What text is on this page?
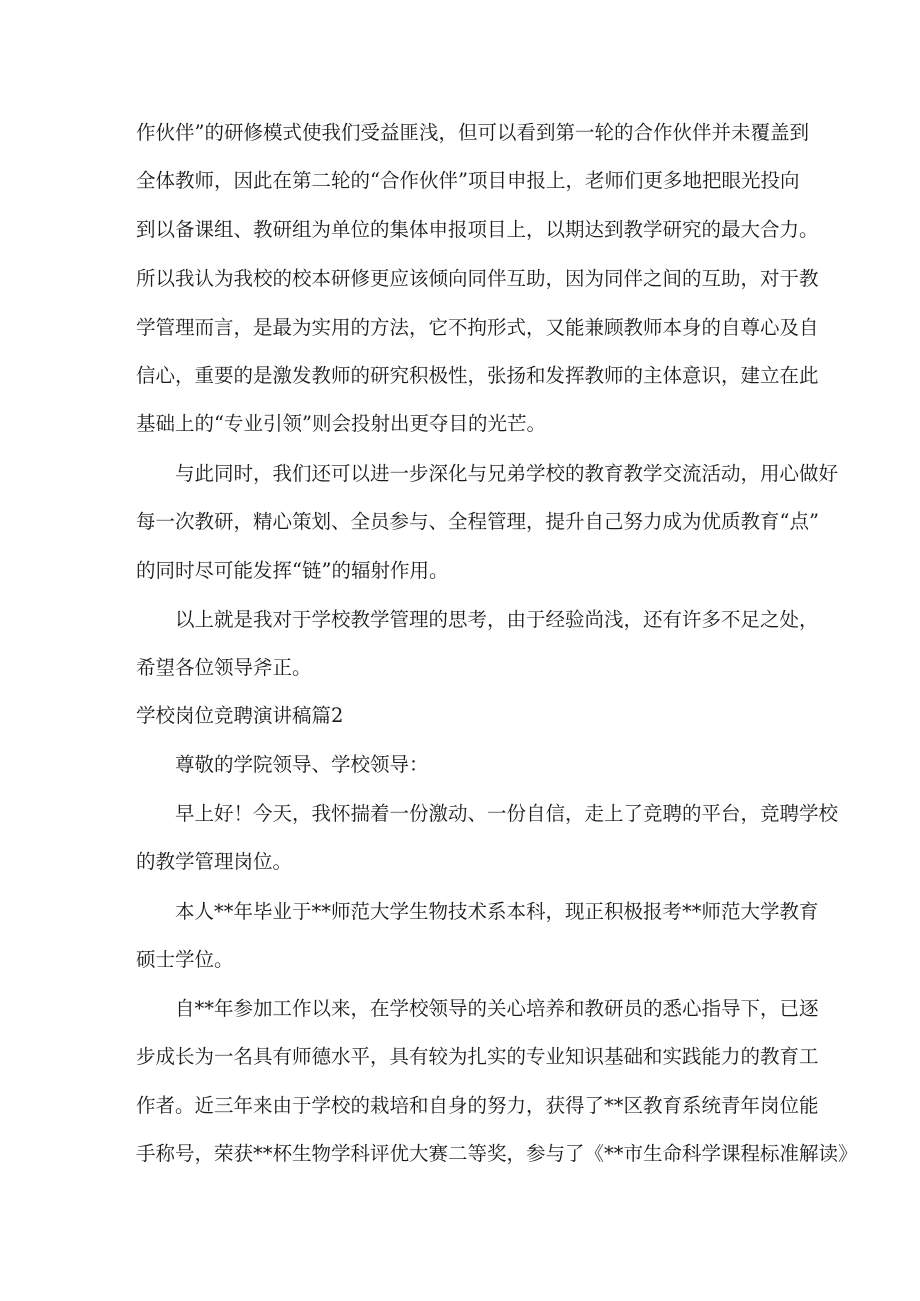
作伙伴”的研修模式使我们受益匪浅，但可以看到第一轮的合作伙伴并未覆盖到
全体教师，因此在第二轮的“合作伙伴”项目申报上，老师们更多地把眼光投向
到以备课组、教研组为单位的集体申报项目上，以期达到教学研究的最大合力。
所以我认为我校的校本研修更应该倾向同伴互助，因为同伴之间的互助，对于教
学管理而言，是最为实用的方法，它不拘形式，又能兼顾教师本身的自尊心及自
信心，重要的是激发教师的研究积极性，张扬和发挥教师的主体意识，建立在此
基础上的“专业引领”则会投射出更夺目的光芒。
与此同时，我们还可以进一步深化与兄弟学校的教育教学交流活动，用心做好
每一次教研，精心策划、全员参与、全程管理，提升自己努力成为优质教育“点”
的同时尽可能发挥“链”的辐射作用。
以上就是我对于学校教学管理的思考，由于经验尚浅，还有许多不足之处，
希望各位领导斧正。
学校岗位竞聘演讲稿篇2
尊敬的学院领导、学校领导：
早上好！今天，我怀揣着一份激动、一份自信，走上了竞聘的平台，竞聘学校
的教学管理岗位。
本人**年毕业于**师范大学生物技术系本科，现正积极报考**师范大学教育
硕士学位。
自**年参加工作以来，在学校领导的关心培养和教研员的悉心指导下，已逐
步成长为一名具有师德水平，具有较为扎实的专业知识基础和实践能力的教育工
作者。近三年来由于学校的栽培和自身的努力，获得了**区教育系统青年岗位能
手称号，荣获**杯生物学科评优大赛二等奖，参与了《**市生命科学课程标准解读》
